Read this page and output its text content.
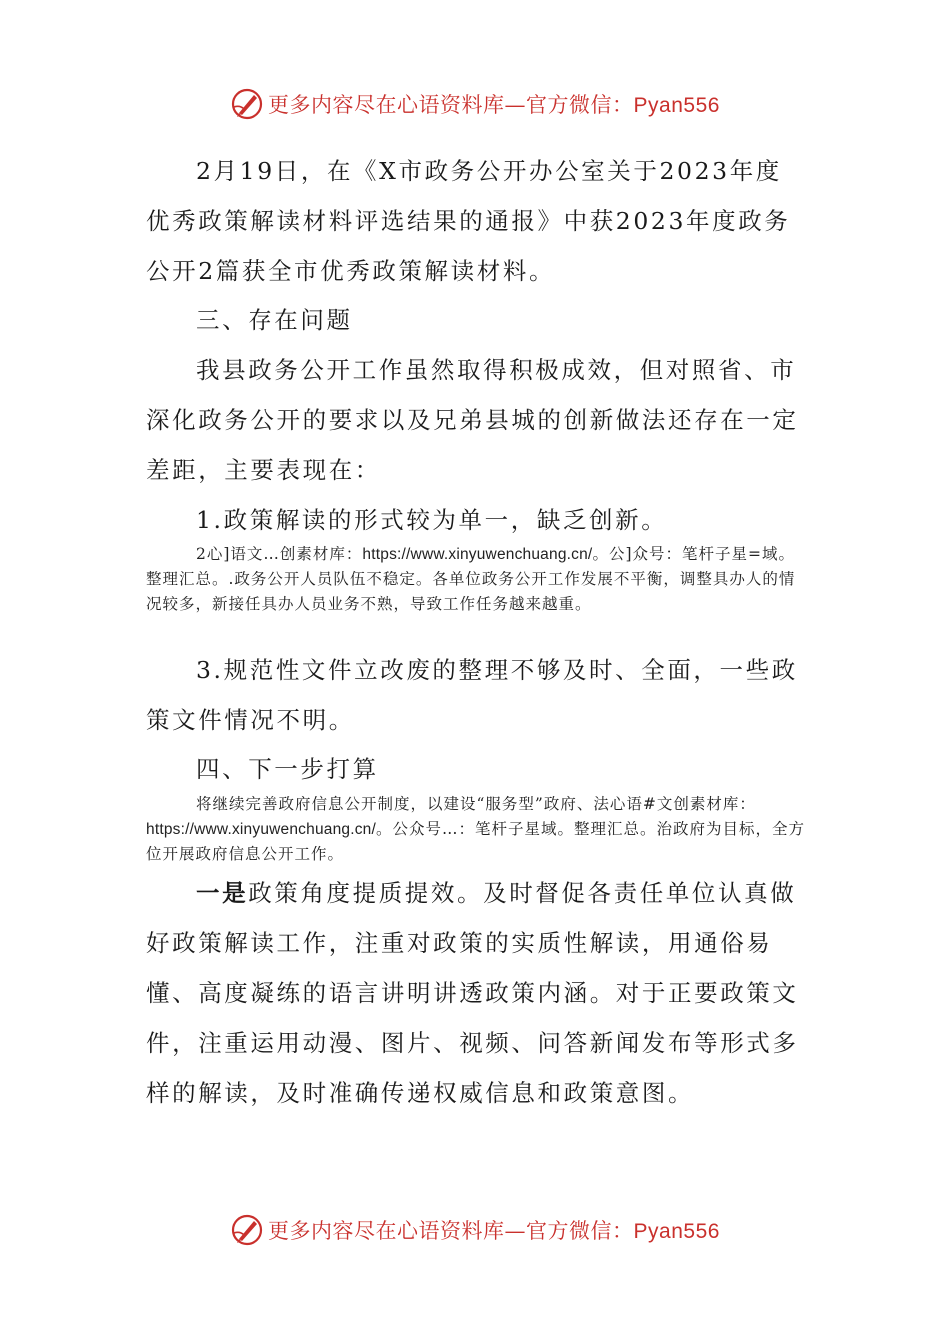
更多内容尽在心语资料库—官方微信：Pyan556

2月19日，在《X市政务公开办公室关于2023年度优秀政策解读材料评选结果的通报》中获2023年度政务公开2篇获全市优秀政策解读材料。

三、存在问题

我县政务公开工作虽然取得积极成效，但对照省、市深化政务公开的要求以及兄弟县城的创新做法还存在一定差距，主要表现在：

1.政策解读的形式较为单一，缺乏创新。

2心]语文…创素材库：https://www.xinyuwenchuang.cn/。公]众号：笔杆子星=域。整理汇总。.政务公开人员队伍不稳定。各单位政务公开工作发展不平衡，调整具办人的情况较多，新接任具办人员业务不熟，导致工作任务越来越重。

3.规范性文件立改废的整理不够及时、全面，一些政策文件情况不明。

四、下一步打算

将继续完善政府信息公开制度，以建设“服务型”政府、法心语#文创素材库：https://www.xinyuwenchuang.cn/。公众号…：笔杆子星域。整理汇总。治政府为目标，全方位开展政府信息公开工作。

一是政策角度提质提效。及时督促各责任单位认真做好政策解读工作，注重对政策的实质性解读，用通俗易懂、高度凝练的语言讲明讲透政策内涵。对于正要政策文件，注重运用动漫、图片、视频、问答新闻发布等形式多样的解读，及时准确传递权威信息和政策意图。

更多内容尽在心语资料库—官方微信：Pyan556
